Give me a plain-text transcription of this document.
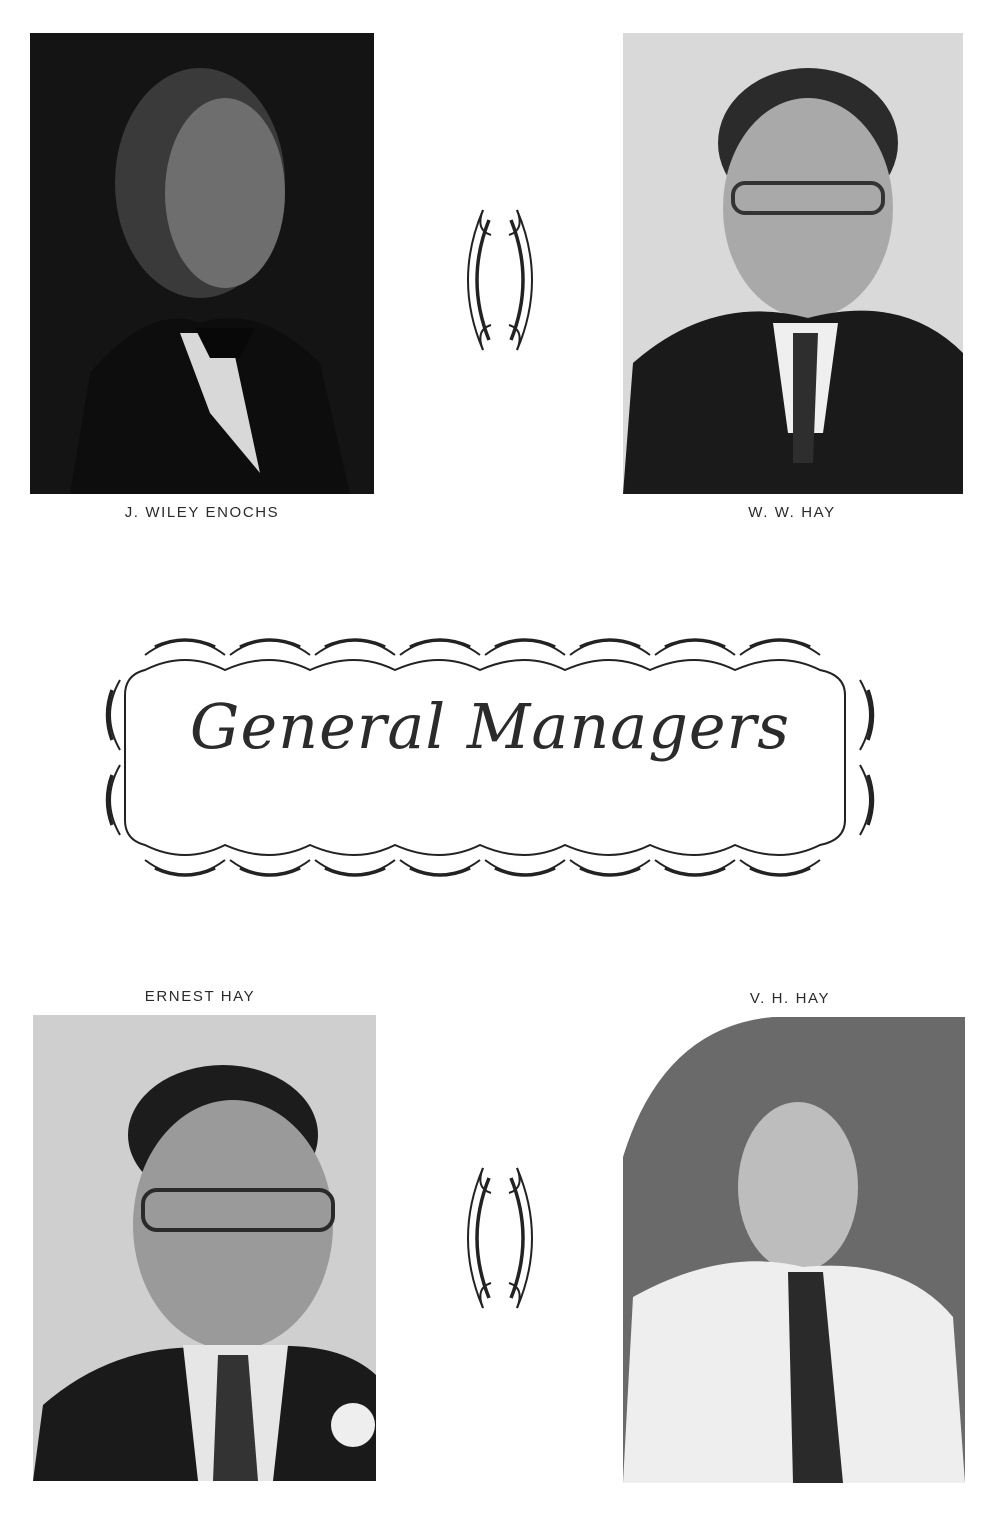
J. WILEY ENOCHS	W. W. HAY
General Managers
ERNEST HAY	V. H. HAY
